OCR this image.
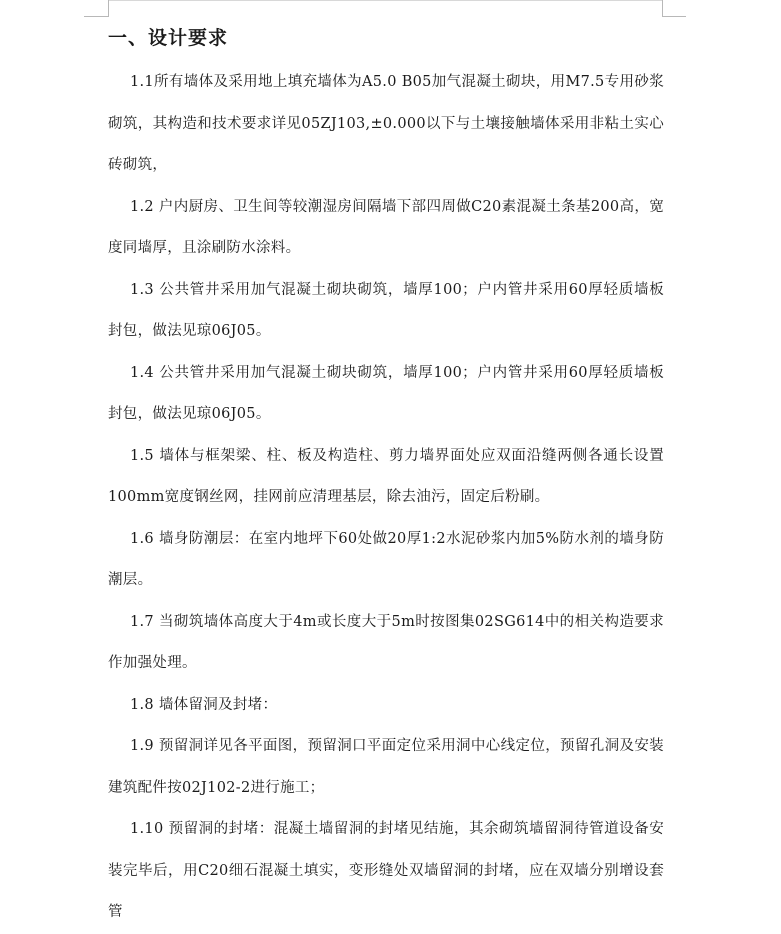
一、设计要求

1.1所有墙体及采用地上填充墙体为A5.0 B05加气混凝土砌块，用M7.5专用砂浆砌筑，其构造和技术要求详见05ZJ103,±0.000以下与土壤接触墙体采用非粘土实心砖砌筑，

1.2 户内厨房、卫生间等较潮湿房间隔墙下部四周做C20素混凝土条基200高，宽度同墙厚，且涂刷防水涂料。

1.3 公共管井采用加气混凝土砌块砌筑，墙厚100；户内管井采用60厚轻质墙板封包，做法见琼06J05。

1.4 公共管井采用加气混凝土砌块砌筑，墙厚100；户内管井采用60厚轻质墙板封包，做法见琼06J05。

1.5 墙体与框架梁、柱、板及构造柱、剪力墙界面处应双面沿缝两侧各通长设置100mm宽度钢丝网，挂网前应清理基层，除去油污，固定后粉刷。

1.6 墙身防潮层：在室内地坪下60处做20厚1:2水泥砂浆内加5%防水剂的墙身防潮层。

1.7 当砌筑墙体高度大于4m或长度大于5m时按图集02SG614中的相关构造要求作加强处理。

1.8 墙体留洞及封堵：

1.9 预留洞详见各平面图，预留洞口平面定位采用洞中心线定位，预留孔洞及安装建筑配件按02J102-2进行施工；

1.10 预留洞的封堵：混凝土墙留洞的封堵见结施，其余砌筑墙留洞待管道设备安装完毕后，用C20细石混凝土填实，变形缝处双墙留洞的封堵，应在双墙分别增设套管
